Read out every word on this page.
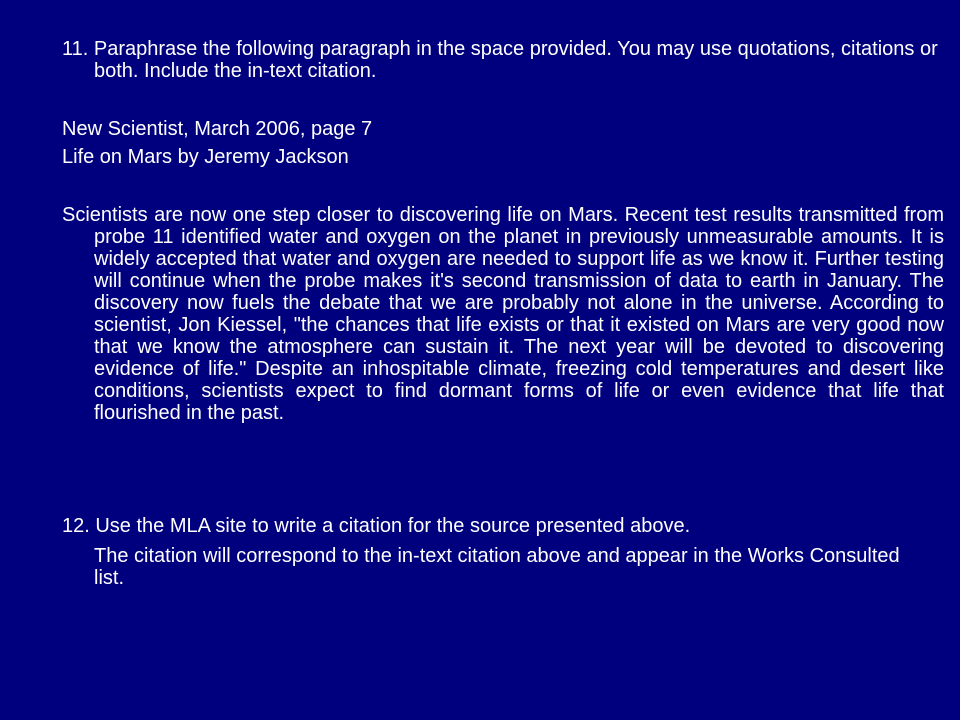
11. Paraphrase the following paragraph in the space provided. You may use quotations, citations or both. Include the in-text citation.

New Scientist, March 2006, page 7

Life on Mars by Jeremy Jackson

Scientists are now one step closer to discovering life on Mars. Recent test results transmitted from probe 11 identified water and oxygen on the planet in previously unmeasurable amounts. It is widely accepted that water and oxygen are needed to support life as we know it. Further testing will continue when the probe makes it's second transmission of data to earth in January. The discovery now fuels the debate that we are probably not alone in the universe. According to scientist, Jon Kiessel, "the chances that life exists or that it existed on Mars are very good now that we know the atmosphere can sustain it. The next year will be devoted to discovering evidence of life." Despite an inhospitable climate, freezing cold temperatures and desert like conditions, scientists expect to find dormant forms of life or even evidence that life that flourished in the past.

12. Use the MLA site to write a citation for the source presented above.

The citation will correspond to the in-text citation above and appear in the Works Consulted list.
